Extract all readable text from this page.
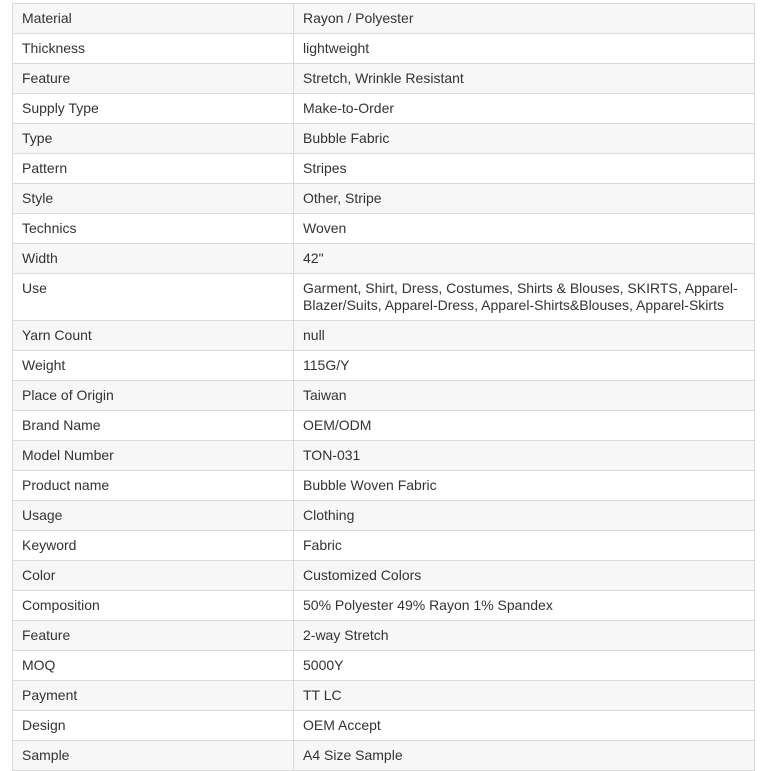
Material	Rayon / Polyester
Thickness	lightweight
Feature	Stretch, Wrinkle Resistant
Supply Type	Make-to-Order
Type	Bubble Fabric
Pattern	Stripes
Style	Other, Stripe
Technics	Woven
Width	42"
Use	Garment, Shirt, Dress, Costumes, Shirts & Blouses, SKIRTS, Apparel-Blazer/Suits, Apparel-Dress, Apparel-Shirts&Blouses, Apparel-Skirts
Yarn Count	null
Weight	115G/Y
Place of Origin	Taiwan
Brand Name	OEM/ODM
Model Number	TON-031
Product name	Bubble Woven Fabric
Usage	Clothing
Keyword	Fabric
Color	Customized Colors
Composition	50% Polyester 49% Rayon 1% Spandex
Feature	2-way Stretch
MOQ	5000Y
Payment	TT LC
Design	OEM Accept
Sample	A4 Size Sample
